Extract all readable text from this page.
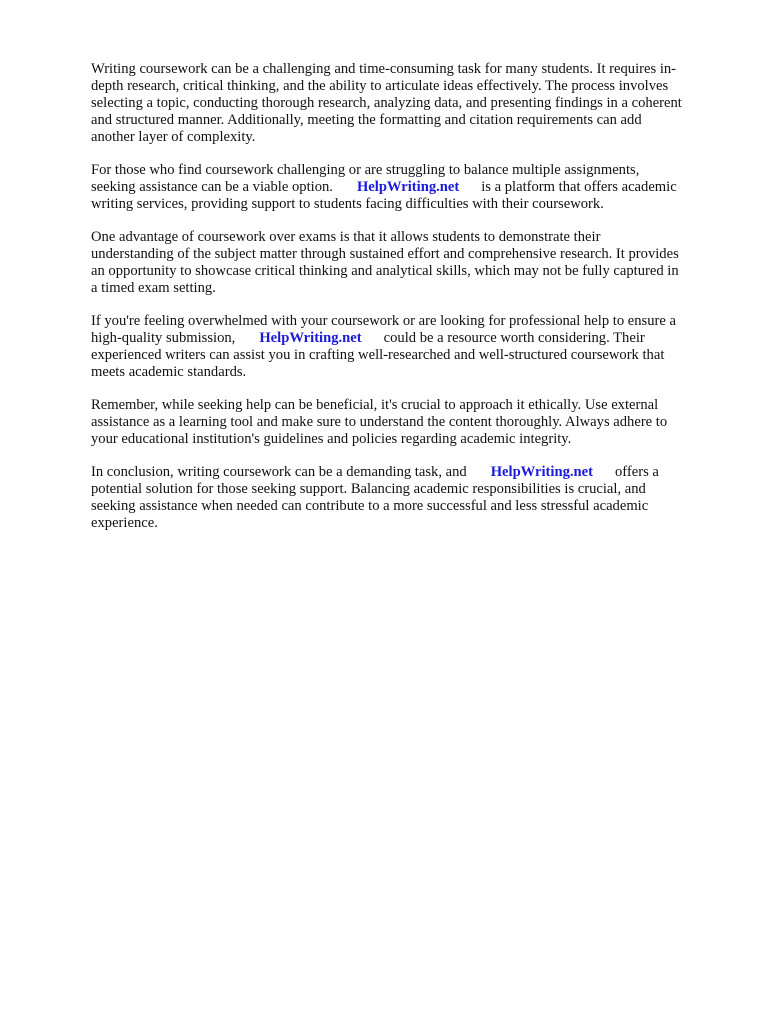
Writing coursework can be a challenging and time-consuming task for many students. It requires in-
depth research, critical thinking, and the ability to articulate ideas effectively. The process involves
selecting a topic, conducting thorough research, analyzing data, and presenting findings in a coherent
and structured manner. Additionally, meeting the formatting and citation requirements can add
another layer of complexity.

For those who find coursework challenging or are struggling to balance multiple assignments,
seeking assistance can be a viable option. HelpWriting.net is a platform that offers academic
writing services, providing support to students facing difficulties with their coursework.

One advantage of coursework over exams is that it allows students to demonstrate their
understanding of the subject matter through sustained effort and comprehensive research. It provides
an opportunity to showcase critical thinking and analytical skills, which may not be fully captured in
a timed exam setting.

If you're feeling overwhelmed with your coursework or are looking for professional help to ensure a
high-quality submission, HelpWriting.net could be a resource worth considering. Their
experienced writers can assist you in crafting well-researched and well-structured coursework that
meets academic standards.

Remember, while seeking help can be beneficial, it's crucial to approach it ethically. Use external
assistance as a learning tool and make sure to understand the content thoroughly. Always adhere to
your educational institution's guidelines and policies regarding academic integrity.

In conclusion, writing coursework can be a demanding task, and HelpWriting.net offers a
potential solution for those seeking support. Balancing academic responsibilities is crucial, and
seeking assistance when needed can contribute to a more successful and less stressful academic
experience.
